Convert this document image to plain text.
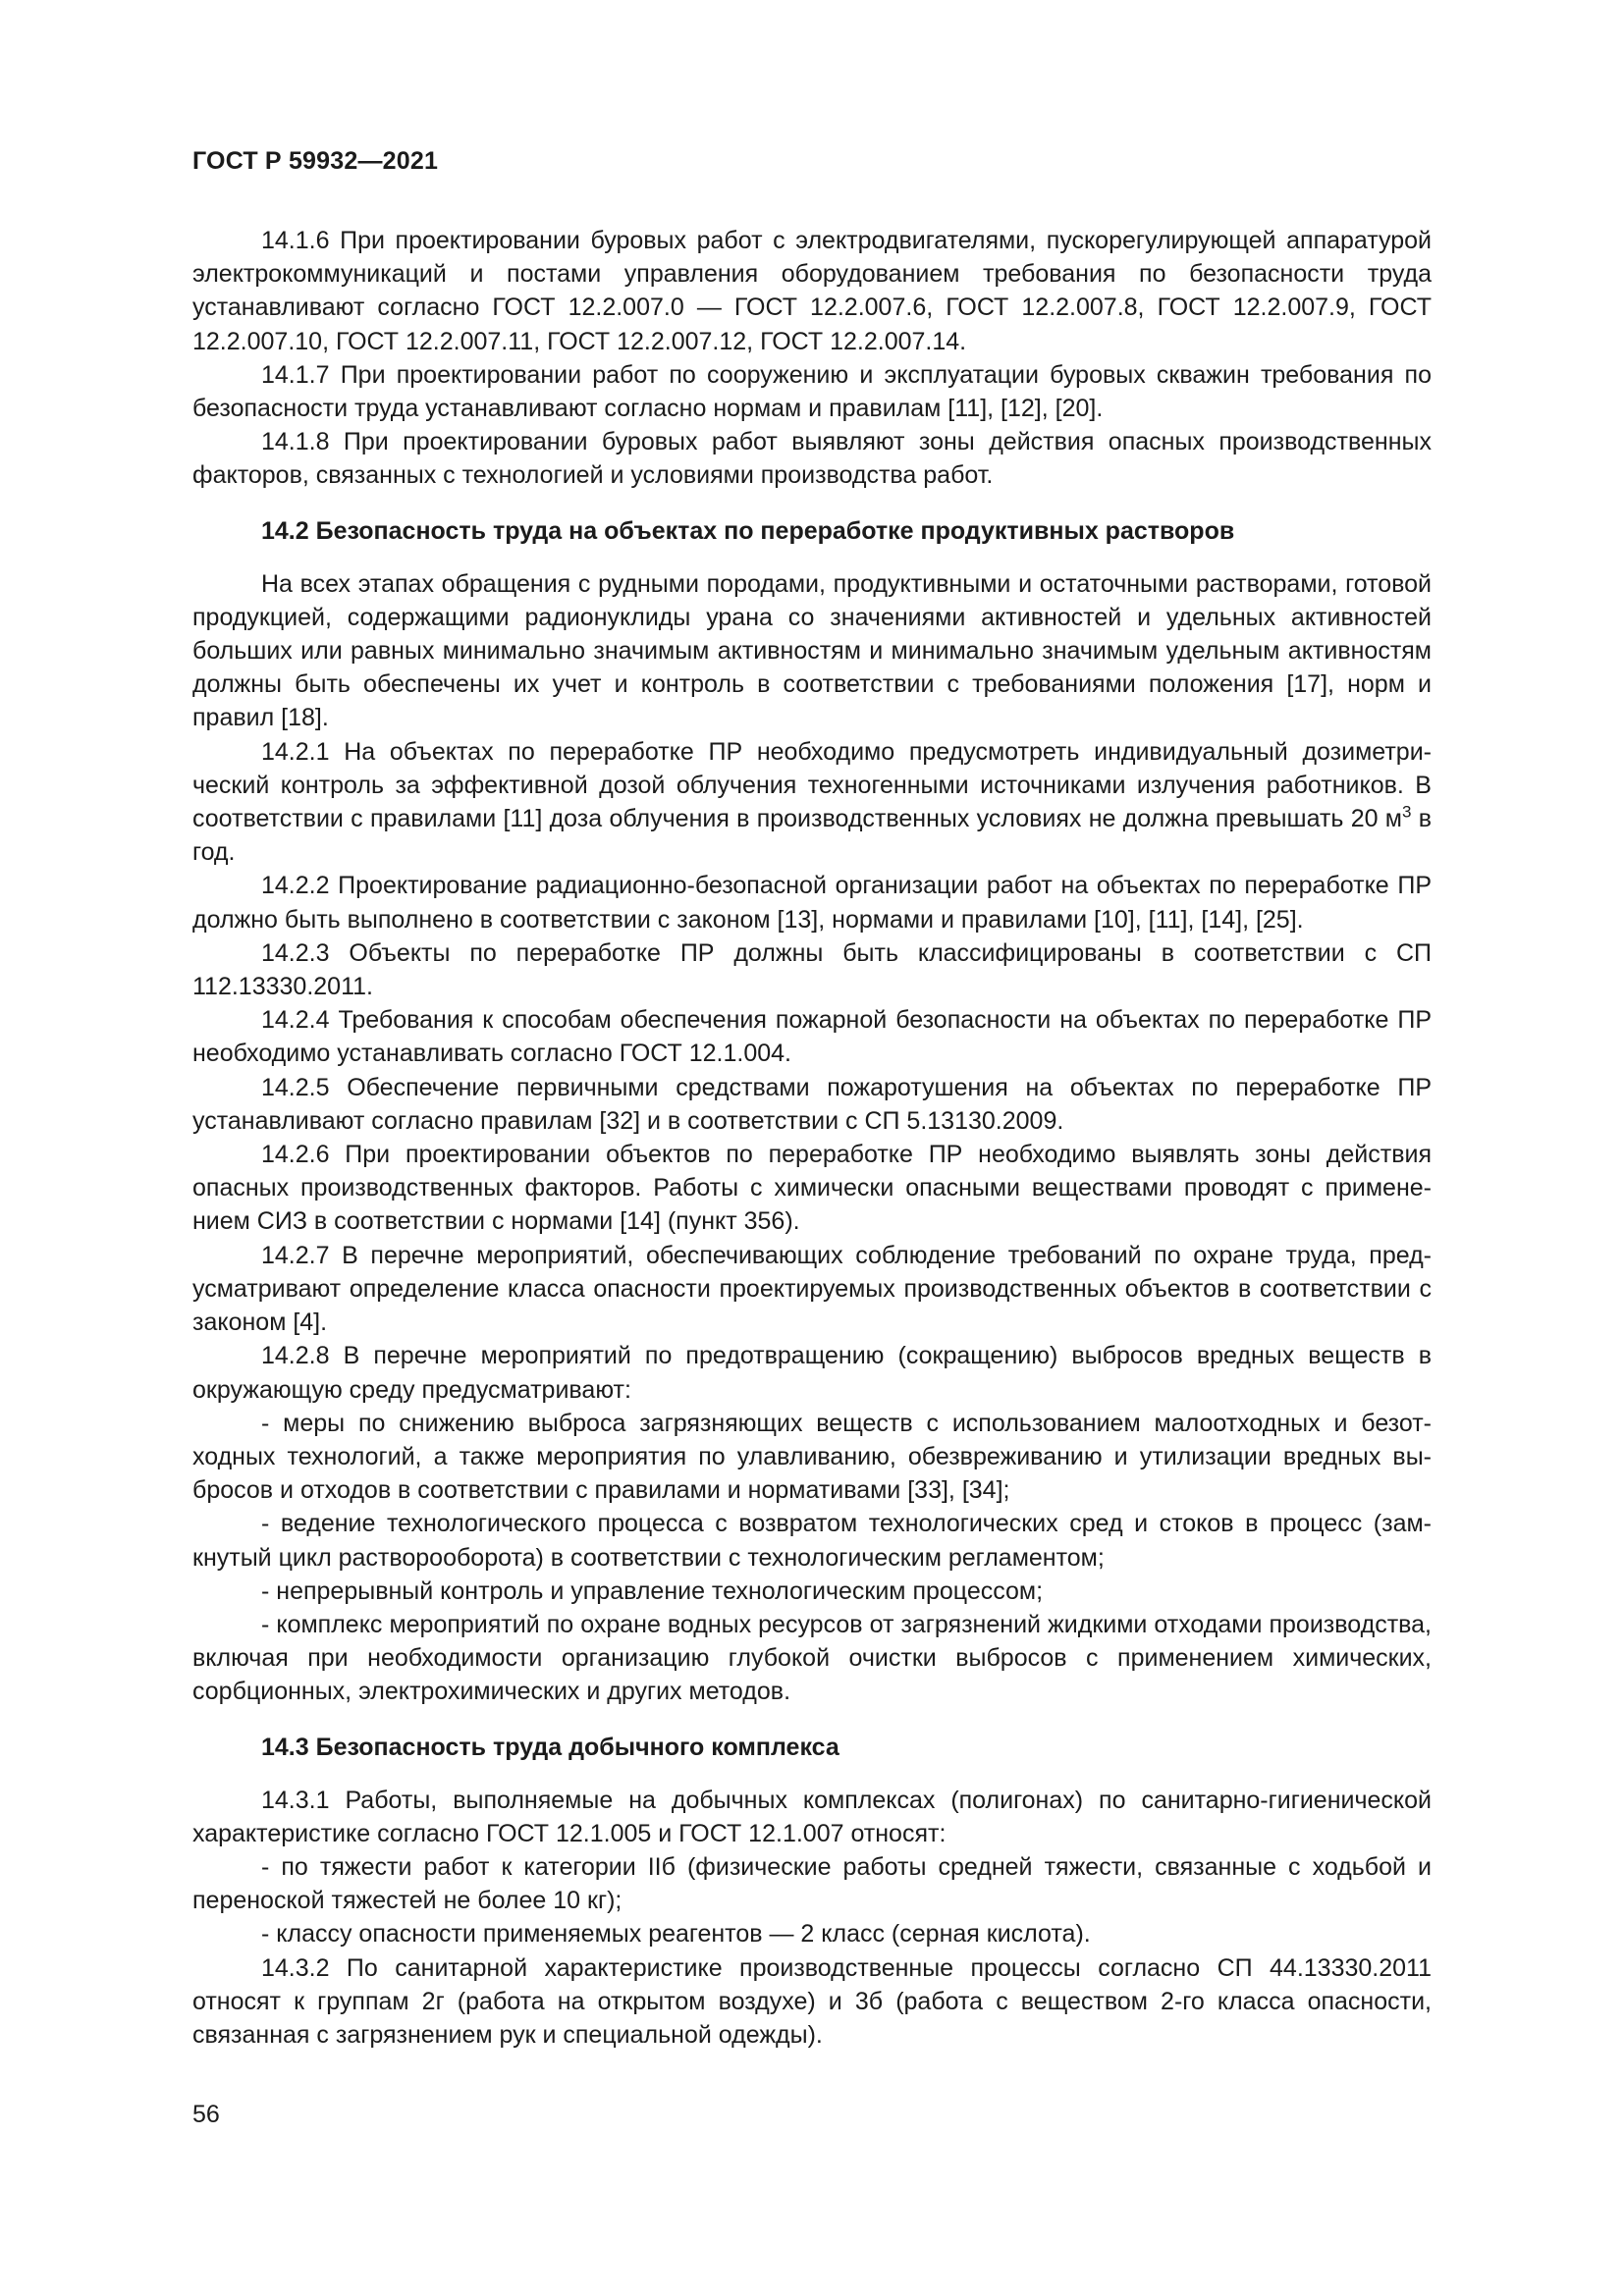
ГОСТ Р 59932—2021

14.1.6 При проектировании буровых работ с электродвигателями, пускорегулирующей аппаратурой электрокоммуникаций и постами управления оборудованием требования по безопасности труда устанавливают согласно ГОСТ 12.2.007.0 — ГОСТ 12.2.007.6, ГОСТ 12.2.007.8, ГОСТ 12.2.007.9, ГОСТ 12.2.007.10, ГОСТ 12.2.007.11, ГОСТ 12.2.007.12, ГОСТ 12.2.007.14.

14.1.7 При проектировании работ по сооружению и эксплуатации буровых скважин требования по безопасности труда устанавливают согласно нормам и правилам [11], [12], [20].

14.1.8 При проектировании буровых работ выявляют зоны действия опасных производственных факторов, связанных с технологией и условиями производства работ.

14.2 Безопасность труда на объектах по переработке продуктивных растворов

На всех этапах обращения с рудными породами, продуктивными и остаточными растворами, готовой продукцией, содержащими радионуклиды урана со значениями активностей и удельных активностей больших или равных минимально значимым активностям и минимально значимым удельным активностям должны быть обеспечены их учет и контроль в соответствии с требованиями положения [17], норм и правил [18].

14.2.1 На объектах по переработке ПР необходимо предусмотреть индивидуальный дозиметрический контроль за эффективной дозой облучения техногенными источниками излучения работников. В соответствии с правилами [11] доза облучения в производственных условиях не должна превышать 20 $м^3$ в год.

14.2.2 Проектирование радиационно-безопасной организации работ на объектах по переработке ПР должно быть выполнено в соответствии с законом [13], нормами и правилами [10], [11], [14], [25].

14.2.3 Объекты по переработке ПР должны быть классифицированы в соответствии с СП 112.13330.2011.

14.2.4 Требования к способам обеспечения пожарной безопасности на объектах по переработке ПР необходимо устанавливать согласно ГОСТ 12.1.004.

14.2.5 Обеспечение первичными средствами пожаротушения на объектах по переработке ПР устанавливают согласно правилам [32] и в соответствии с СП 5.13130.2009.

14.2.6 При проектировании объектов по переработке ПР необходимо выявлять зоны действия опасных производственных факторов. Работы с химически опасными веществами проводят с применением СИЗ в соответствии с нормами [14] (пункт 356).

14.2.7 В перечне мероприятий, обеспечивающих соблюдение требований по охране труда, предусматривают определение класса опасности проектируемых производственных объектов в соответствии с законом [4].

14.2.8 В перечне мероприятий по предотвращению (сокращению) выбросов вредных веществ в окружающую среду предусматривают:

- меры по снижению выброса загрязняющих веществ с использованием малоотходных и безотходных технологий, а также мероприятия по улавливанию, обезвреживанию и утилизации вредных выбросов и отходов в соответствии с правилами и нормативами [33], [34];

- ведение технологического процесса с возвратом технологических сред и стоков в процесс (замкнутый цикл растворооборота) в соответствии с технологическим регламентом;

- непрерывный контроль и управление технологическим процессом;

- комплекс мероприятий по охране водных ресурсов от загрязнений жидкими отходами производства, включая при необходимости организацию глубокой очистки выбросов с применением химических, сорбционных, электрохимических и других методов.

14.3 Безопасность труда добычного комплекса

14.3.1 Работы, выполняемые на добычных комплексах (полигонах) по санитарно-гигиенической характеристике согласно ГОСТ 12.1.005 и ГОСТ 12.1.007 относят:

- по тяжести работ к категории IIб (физические работы средней тяжести, связанные с ходьбой и переноской тяжестей не более 10 кг);

- классу опасности применяемых реагентов — 2 класс (серная кислота).

14.3.2 По санитарной характеристике производственные процессы согласно СП 44.13330.2011 относят к группам 2г (работа на открытом воздухе) и 3б (работа с веществом 2-го класса опасности, связанная с загрязнением рук и специальной одежды).

56
